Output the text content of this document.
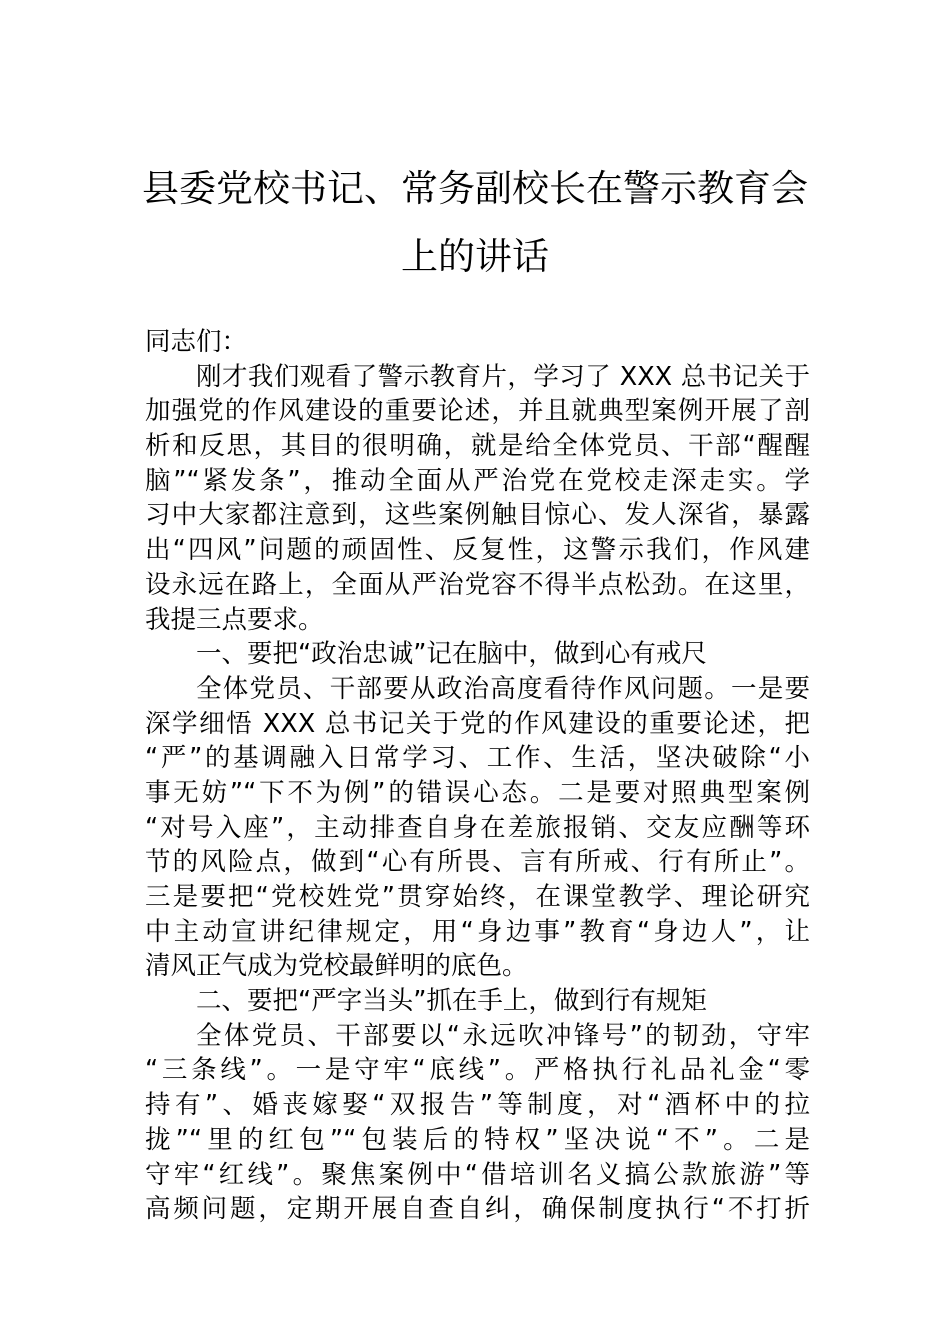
县委党校书记、常务副校长在警示教育会
上的讲话
同志们：
刚才我们观看了警示教育片，学习了 XXX 总书记关于
加强党的作风建设的重要论述，并且就典型案例开展了剖
析和反思，其目的很明确，就是给全体党员、干部“醒醒
脑”“紧发条”，推动全面从严治党在党校走深走实。学
习中大家都注意到，这些案例触目惊心、发人深省，暴露
出“四风”问题的顽固性、反复性，这警示我们，作风建
设永远在路上，全面从严治党容不得半点松劲。在这里，
我提三点要求。
一、要把“政治忠诚”记在脑中，做到心有戒尺
全体党员、干部要从政治高度看待作风问题。一是要
深学细悟 XXX 总书记关于党的作风建设的重要论述，把
“严”的基调融入日常学习、工作、生活，坚决破除“小
事无妨”“下不为例”的错误心态。二是要对照典型案例
“对号入座”，主动排查自身在差旅报销、交友应酬等环
节的风险点，做到“心有所畏、言有所戒、行有所止”。
三是要把“党校姓党”贯穿始终，在课堂教学、理论研究
中主动宣讲纪律规定，用“身边事”教育“身边人”，让
清风正气成为党校最鲜明的底色。
二、要把“严字当头”抓在手上，做到行有规矩
全体党员、干部要以“永远吹冲锋号”的韧劲，守牢
“三条线”。一是守牢“底线”。严格执行礼品礼金“零
持有”、婚丧嫁娶“双报告”等制度，对“酒杯中的拉
拢”“里的红包”“包装后的特权”坚决说“不”。二是
守牢“红线”。聚焦案例中“借培训名义搞公款旅游”等
高频问题，定期开展自查自纠，确保制度执行“不打折
